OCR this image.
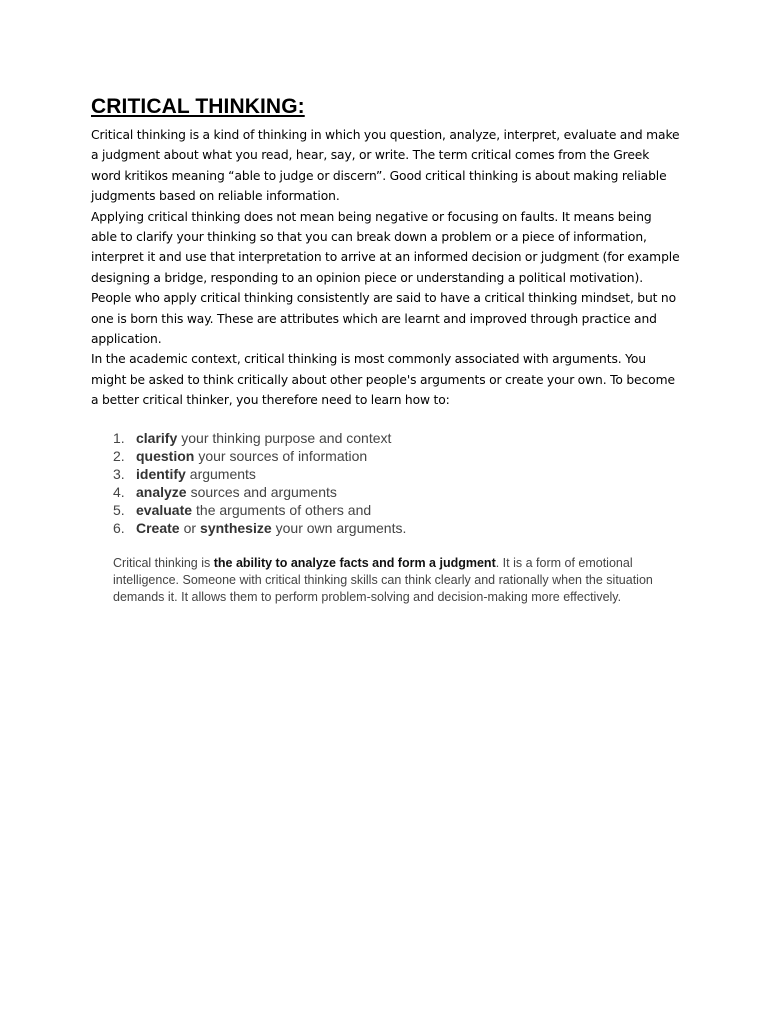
CRITICAL THINKING:

Critical thinking is a kind of thinking in which you question, analyze, interpret, evaluate and make a judgment about what you read, hear, say, or write. The term critical comes from the Greek word kritikos meaning “able to judge or discern”. Good critical thinking is about making reliable judgments based on reliable information.

Applying critical thinking does not mean being negative or focusing on faults. It means being able to clarify your thinking so that you can break down a problem or a piece of information, interpret it and use that interpretation to arrive at an informed decision or judgment (for example designing a bridge, responding to an opinion piece or understanding a political motivation).

People who apply critical thinking consistently are said to have a critical thinking mindset, but no one is born this way. These are attributes which are learnt and improved through practice and application.

In the academic context, critical thinking is most commonly associated with arguments. You might be asked to think critically about other people's arguments or create your own. To become a better critical thinker, you therefore need to learn how to:

1. clarify your thinking purpose and context
2. question your sources of information
3. identify arguments
4. analyze sources and arguments
5. evaluate the arguments of others and
6. Create or synthesize your own arguments.

Critical thinking is the ability to analyze facts and form a judgment. It is a form of emotional intelligence. Someone with critical thinking skills can think clearly and rationally when the situation demands it. It allows them to perform problem-solving and decision-making more effectively.
